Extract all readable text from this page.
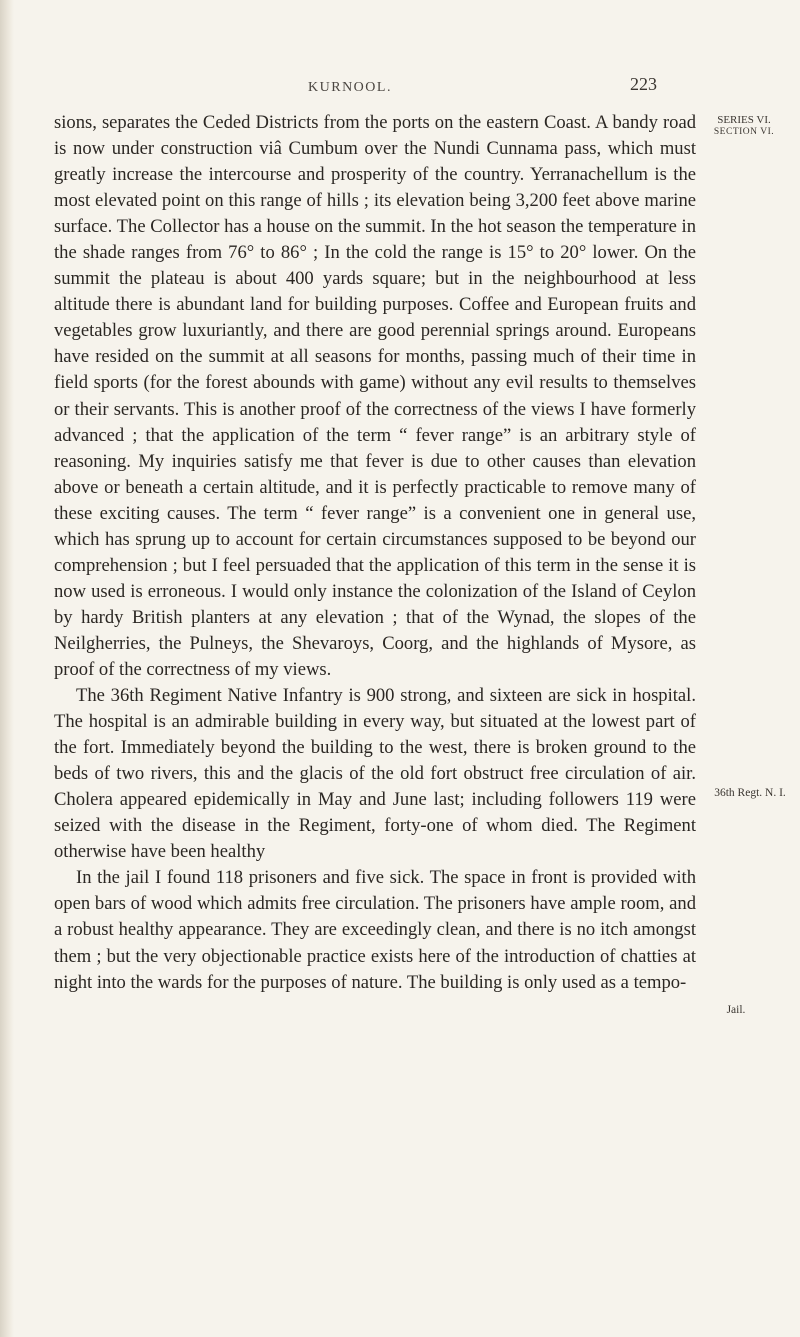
KURNOOL.	223
SERIES VI.
SECTION VI.
36th Regt. N. I.
Jail.

sions, separates the Ceded Districts from the ports on the eastern Coast. A bandy road is now under construction viâ Cumbum over the Nundi Cunnama pass, which must greatly increase the intercourse and prosperity of the country. Yerranachellum is the most elevated point on this range of hills ; its elevation being 3,200 feet above marine surface. The Collector has a house on the summit. In the hot season the temperature in the shade ranges from 76° to 86° ; In the cold the range is 15° to 20° lower. On the summit the plateau is about 400 yards square; but in the neighbourhood at less altitude there is abundant land for building purposes. Coffee and European fruits and vegetables grow luxuriantly, and there are good perennial springs around. Europeans have resided on the summit at all seasons for months, passing much of their time in field sports (for the forest abounds with game) without any evil results to themselves or their servants. This is another proof of the correctness of the views I have formerly advanced ; that the application of the term “ fever range” is an arbitrary style of reasoning. My inquiries satisfy me that fever is due to other causes than elevation above or beneath a certain altitude, and it is perfectly practicable to remove many of these exciting causes. The term “ fever range” is a convenient one in general use, which has sprung up to account for certain circumstances supposed to be beyond our comprehension ; but I feel persuaded that the application of this term in the sense it is now used is erroneous. I would only instance the colonization of the Island of Ceylon by hardy British planters at any elevation ; that of the Wynad, the slopes of the Neilgherries, the Pulneys, the Shevaroys, Coorg, and the highlands of Mysore, as proof of the correctness of my views.

The 36th Regiment Native Infantry is 900 strong, and sixteen are sick in hospital. The hospital is an admirable building in every way, but situated at the lowest part of the fort. Immediately beyond the building to the west, there is broken ground to the beds of two rivers, this and the glacis of the old fort obstruct free circulation of air. Cholera appeared epidemically in May and June last; including followers 119 were seized with the disease in the Regiment, forty-one of whom died. The Regiment otherwise have been healthy

In the jail I found 118 prisoners and five sick. The space in front is provided with open bars of wood which admits free circulation. The prisoners have ample room, and a robust healthy appearance. They are exceedingly clean, and there is no itch amongst them ; but the very objectionable practice exists here of the introduction of chatties at night into the wards for the purposes of nature. The building is only used as a tempo-
